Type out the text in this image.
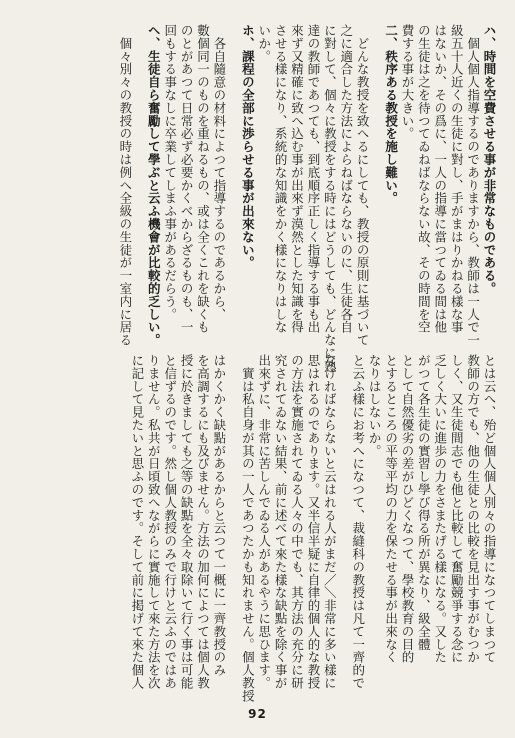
ハ、時間を空費させる事が非常なものである。
　個人個人指導するのでありますから、教師は一人で一
級五十人近くの生徒に對し、手がまはりかねる樣な事
はないか、その爲に、一人の指導に當つてゐる間は他
の生徒は之を待つてゐねばならない故、その時間を空
費する事が大きい。
二、秩序ある教授を施し難い。
　どんな教授を致へるにしても、教授の原則に基づいて
之に適合した方法によらねばならないのに、生徒各自
に對して、個々に教授をする時にはどうしても、どんなに熟
達の教師であつても、到底順序正しく指導する事も出
來ず又精確に致へ込む事が出來ず漠然とした知識を得
させる樣になり、系統的な知識をかく樣になりはしな
いか。
ホ、課程の全部に渉らせる事が出來ない。
　各自隨意の材料によつて指導するのであるから、
數個同一のものを重ねるもの、或は全くこれを缺くも
のとがあつて日常必ず必要かくべからざるものも、一
回もする事なしに卒業してしまふ事があるだらう。
ヘ、生徒自ら奮勵して學ぶと云ふ機會が比較的乏しい。
　個々別々の教授の時は例へ全級の生徒が一室内に居る
とは云へ、殆ど個人個人別々の指導になつてしまつて
教師の方でも、他の生徒との比較を見出す事がむつか
しく、又生徒間志でも他と比較して奮勵競爭する念に
乏しく大いに進歩の力をさまたげる樣になる。又した
がつて各生徒の實習し學び得る所が異なり、級全體
として自然優劣の差がひどくなつて、學校教育の目的
とするところの平等平均の力を保たせる事が出來なく
なりはしないか。
と云ふ樣にお考へになつて、裁縫科の教授は凡て一齊的で
なければならないと云はれる人がまだ／＼非常に多い樣に
思はれるのであります。又半信半疑に自律的個人的な教授
の方法を實施されてゐる人々の中でも、其方法の充分に研
究されてゐない結果、前に述べて來た樣な缺點を除く事が
出來ずに、非常に苦しんでゐる人があるやうに思ひます。
　實は私自身が其の一人であつたかも知れません。個人教授
はかくかく缺點があるからと云つて一概に一齊教授のみ
を高調するにも及びません。方法の加何によつては個人教
授に於きましても之等の缺點を全々取除いて行く事は可能
と信ずるのです。然し個人教授のみで行けと云ふのではあ
りません。私共が日頃致へながらに實施して來た方法を次
に記して見たいと思ふのです。そして前に掲げて來た個人
92
